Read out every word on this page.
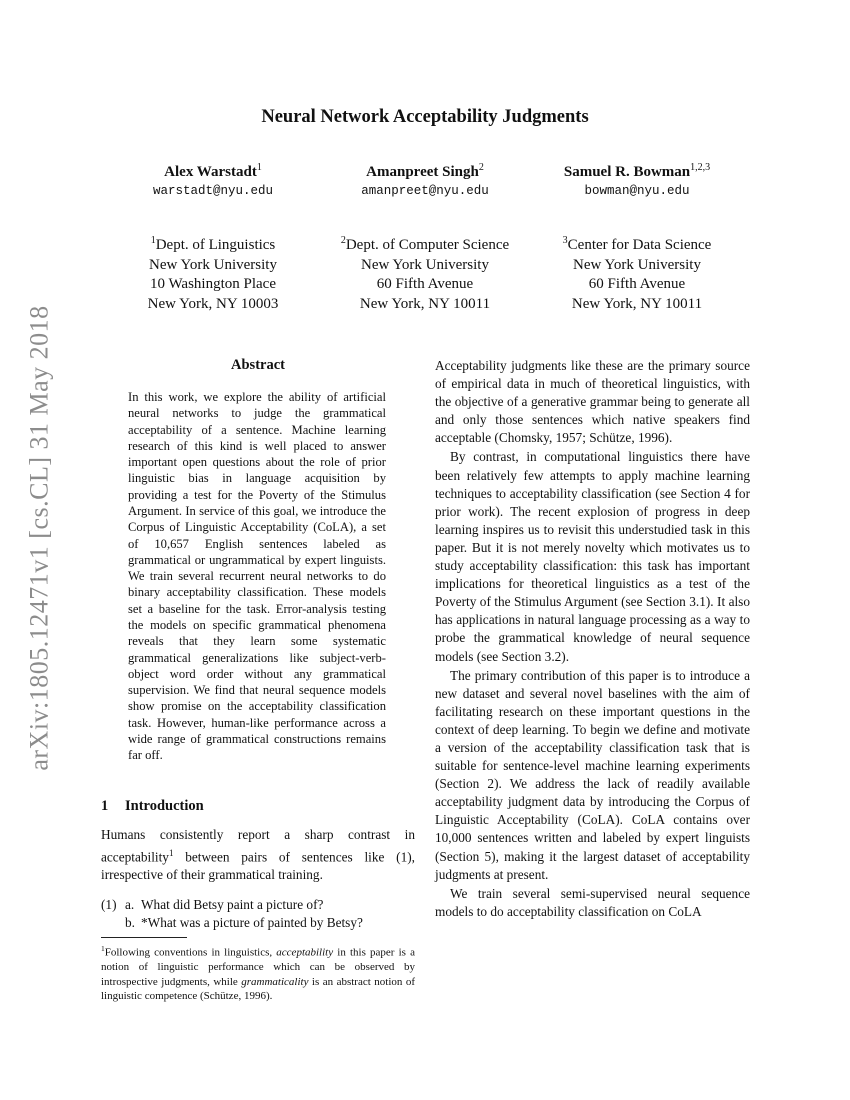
arXiv:1805.12471v1 [cs.CL] 31 May 2018
Neural Network Acceptability Judgments
Alex Warstadt$^1$
warstadt@nyu.edu
Amanpreet Singh$^2$
amanpreet@nyu.edu
Samuel R. Bowman$^{1,2,3}$
bowman@nyu.edu
$^1$Dept. of Linguistics
New York University
10 Washington Place
New York, NY 10003
$^2$Dept. of Computer Science
New York University
60 Fifth Avenue
New York, NY 10011
$^3$Center for Data Science
New York University
60 Fifth Avenue
New York, NY 10011
Abstract
In this work, we explore the ability of artificial neural networks to judge the grammatical acceptability of a sentence. Machine learning research of this kind is well placed to answer important open questions about the role of prior linguistic bias in language acquisition by providing a test for the Poverty of the Stimulus Argument. In service of this goal, we introduce the Corpus of Linguistic Acceptability (CoLA), a set of 10,657 English sentences labeled as grammatical or ungrammatical by expert linguists. We train several recurrent neural networks to do binary acceptability classification. These models set a baseline for the task. Error-analysis testing the models on specific grammatical phenomena reveals that they learn some systematic grammatical generalizations like subject-verb-object word order without any grammatical supervision. We find that neural sequence models show promise on the acceptability classification task. However, human-like performance across a wide range of grammatical constructions remains far off.
1 Introduction
Humans consistently report a sharp contrast in acceptability$^1$ between pairs of sentences like (1), irrespective of their grammatical training.
(1) a. What did Betsy paint a picture of?
b. *What was a picture of painted by Betsy?
$^1$Following conventions in linguistics, acceptability in this paper is a notion of linguistic performance which can be observed by introspective judgments, while grammaticality is an abstract notion of linguistic competence (Schütze, 1996).

Acceptability judgments like these are the primary source of empirical data in much of theoretical linguistics, with the objective of a generative grammar being to generate all and only those sentences which native speakers find acceptable (Chomsky, 1957; Schütze, 1996).

By contrast, in computational linguistics there have been relatively few attempts to apply machine learning techniques to acceptability classification (see Section 4 for prior work). The recent explosion of progress in deep learning inspires us to revisit this understudied task in this paper. But it is not merely novelty which motivates us to study acceptability classification: this task has important implications for theoretical linguistics as a test of the Poverty of the Stimulus Argument (see Section 3.1). It also has applications in natural language processing as a way to probe the grammatical knowledge of neural sequence models (see Section 3.2).

The primary contribution of this paper is to introduce a new dataset and several novel baselines with the aim of facilitating research on these important questions in the context of deep learning. To begin we define and motivate a version of the acceptability classification task that is suitable for sentence-level machine learning experiments (Section 2). We address the lack of readily available acceptability judgment data by introducing the Corpus of Linguistic Acceptability (CoLA). CoLA contains over 10,000 sentences written and labeled by expert linguists (Section 5), making it the largest dataset of acceptability judgments at present.

We train several semi-supervised neural sequence models to do acceptability classification on CoLA
